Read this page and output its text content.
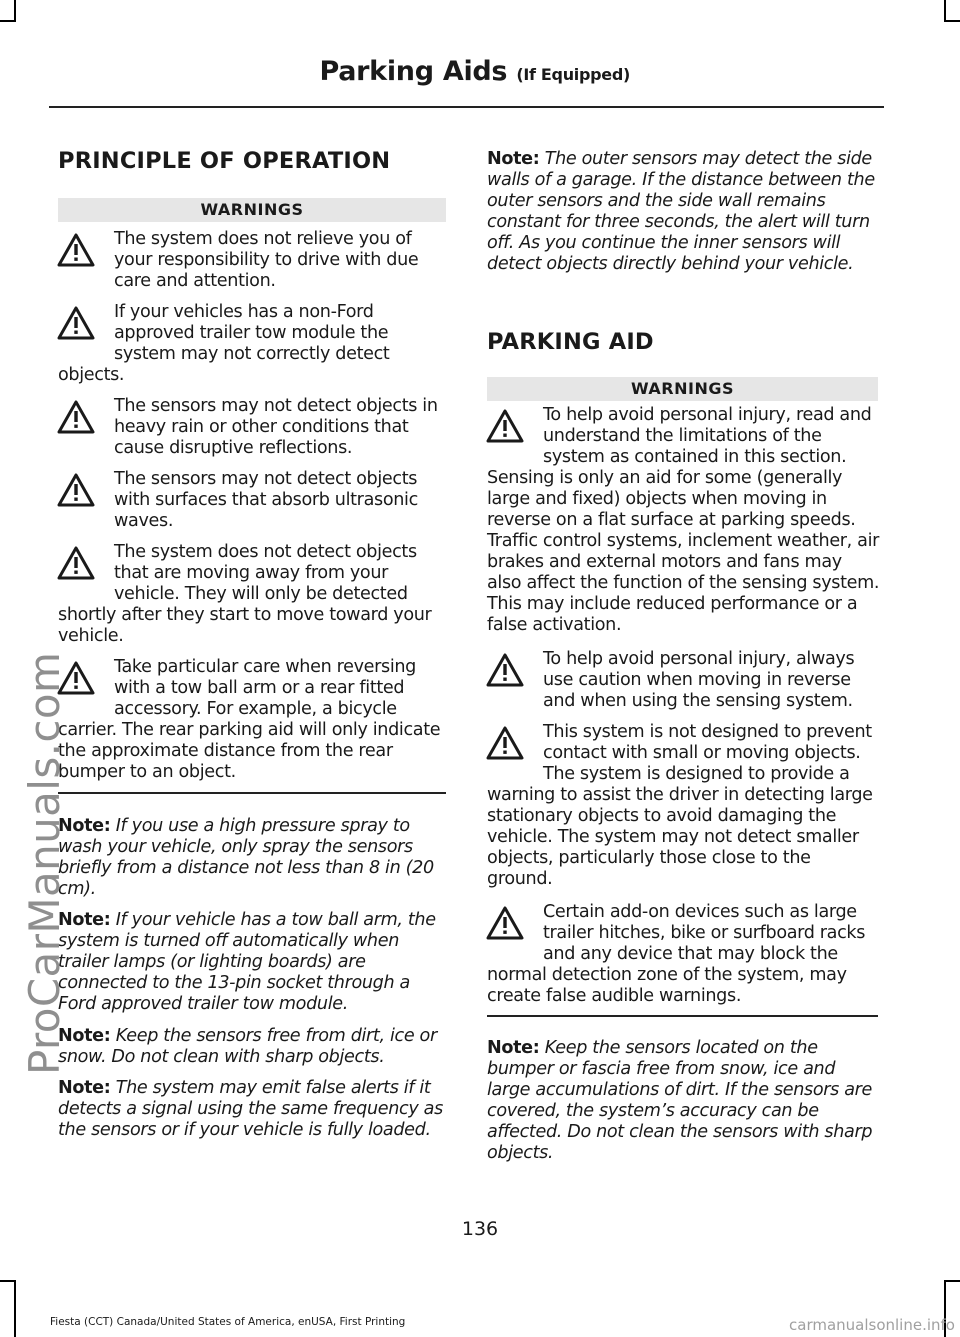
Parking Aids (If Equipped)
PRINCIPLE OF OPERATION
WARNINGS
The system does not relieve you of your responsibility to drive with due care and attention.
If your vehicles has a non-Ford approved trailer tow module the system may not correctly detect objects.
The sensors may not detect objects in heavy rain or other conditions that cause disruptive reflections.
The sensors may not detect objects with surfaces that absorb ultrasonic waves.
The system does not detect objects that are moving away from your vehicle. They will only be detected shortly after they start to move toward your vehicle.
Take particular care when reversing with a tow ball arm or a rear fitted accessory. For example, a bicycle carrier. The rear parking aid will only indicate the approximate distance from the rear bumper to an object.

Note: If you use a high pressure spray to wash your vehicle, only spray the sensors briefly from a distance not less than 8 in (20 cm).

Note: If your vehicle has a tow ball arm, the system is turned off automatically when trailer lamps (or lighting boards) are connected to the 13-pin socket through a Ford approved trailer tow module.

Note: Keep the sensors free from dirt, ice or snow. Do not clean with sharp objects.

Note: The system may emit false alerts if it detects a signal using the same frequency as the sensors or if your vehicle is fully loaded.

Note: The outer sensors may detect the side walls of a garage. If the distance between the outer sensors and the side wall remains constant for three seconds, the alert will turn off. As you continue the inner sensors will detect objects directly behind your vehicle.

PARKING AID
WARNINGS
To help avoid personal injury, read and understand the limitations of the system as contained in this section. Sensing is only an aid for some (generally large and fixed) objects when moving in reverse on a flat surface at parking speeds. Traffic control systems, inclement weather, air brakes and external motors and fans may also affect the function of the sensing system. This may include reduced performance or a false activation.
To help avoid personal injury, always use caution when moving in reverse and when using the sensing system.
This system is not designed to prevent contact with small or moving objects. The system is designed to provide a warning to assist the driver in detecting large stationary objects to avoid damaging the vehicle. The system may not detect smaller objects, particularly those close to the ground.
Certain add-on devices such as large trailer hitches, bike or surfboard racks and any device that may block the normal detection zone of the system, may create false audible warnings.

Note: Keep the sensors located on the bumper or fascia free from snow, ice and large accumulations of dirt. If the sensors are covered, the system’s accuracy can be affected. Do not clean the sensors with sharp objects.

136
Fiesta (CCT) Canada/United States of America, enUSA, First Printing
ProCarManuals.com
carmanualsonline.info
